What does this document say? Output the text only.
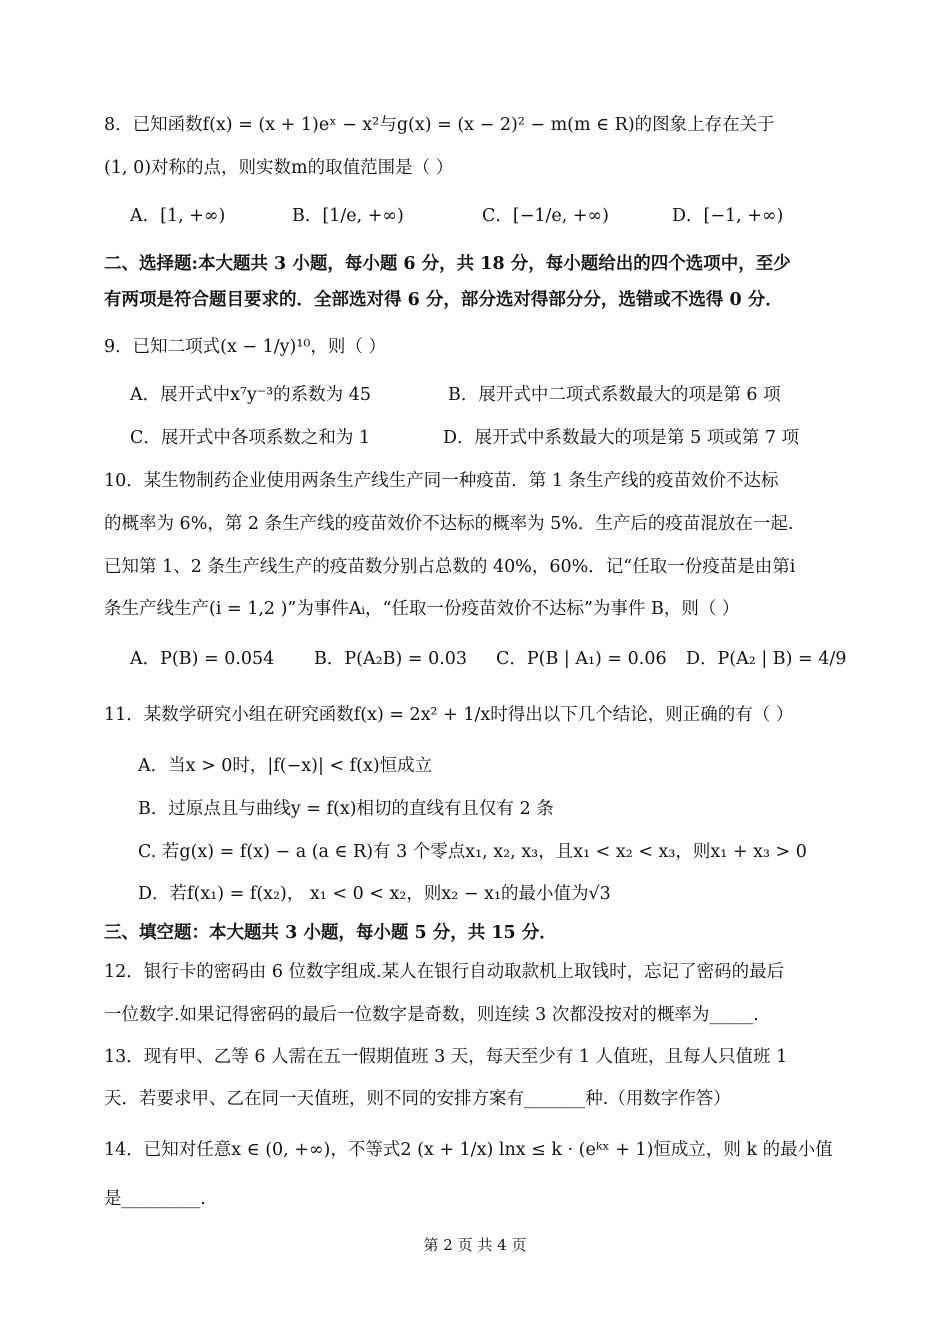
8．已知函数f(x) = (x + 1)eˣ − x²与g(x) = (x − 2)² − m(m ∈ R)的图象上存在关于
(1, 0)对称的点，则实数m的取值范围是（ ）
A．[1, +∞)	B．[1/e, +∞)	C．[−1/e, +∞)	D．[−1, +∞)
二、选择题:本大题共 3 小题，每小题 6 分，共 18 分，每小题给出的四个选项中，至少
有两项是符合题目要求的．全部选对得 6 分，部分选对得部分分，选错或不选得 0 分．
9．已知二项式(x − 1/y)¹⁰，则（ ）
A．展开式中x⁷y⁻³的系数为 45	B．展开式中二项式系数最大的项是第 6 项
C．展开式中各项系数之和为 1	D．展开式中系数最大的项是第 5 项或第 7 项
10．某生物制药企业使用两条生产线生产同一种疫苗．第 1 条生产线的疫苗效价不达标
的概率为 6%，第 2 条生产线的疫苗效价不达标的概率为 5%．生产后的疫苗混放在一起.
已知第 1、2 条生产线生产的疫苗数分别占总数的 40%，60%．记“任取一份疫苗是由第i
条生产线生产(i = 1,2 )”为事件Aᵢ，“任取一份疫苗效价不达标”为事件 B，则（ ）
A．P(B) = 0.054 B．P(A₂B) = 0.03 C．P(B | A₁) = 0.06 D．P(A₂ | B) = 4/9
11．某数学研究小组在研究函数f(x) = 2x² + 1/x时得出以下几个结论，则正确的有（ ）
A．当x > 0时，|f(−x)| < f(x)恒成立
B．过原点且与曲线y = f(x)相切的直线有且仅有 2 条
C. 若g(x) = f(x) − a (a ∈ R)有 3 个零点x₁, x₂, x₃，且x₁ < x₂ < x₃，则x₁ + x₃ > 0
D．若f(x₁) = f(x₂)， x₁ < 0 < x₂，则x₂ − x₁的最小值为√3
三、填空题：本大题共 3 小题，每小题 5 分，共 15 分．
12．银行卡的密码由 6 位数字组成.某人在银行自动取款机上取钱时，忘记了密码的最后
一位数字.如果记得密码的最后一位数字是奇数，则连续 3 次都没按对的概率为_____.
13．现有甲、乙等 6 人需在五一假期值班 3 天，每天至少有 1 人值班，且每人只值班 1
天．若要求甲、乙在同一天值班，则不同的安排方案有_______种.（用数字作答）
14．已知对任意x ∈ (0, +∞)，不等式2 (x + 1/x) lnx ≤ k · (eᵏˣ + 1)恒成立，则 k 的最小值
是_________.
第 2 页 共 4 页
